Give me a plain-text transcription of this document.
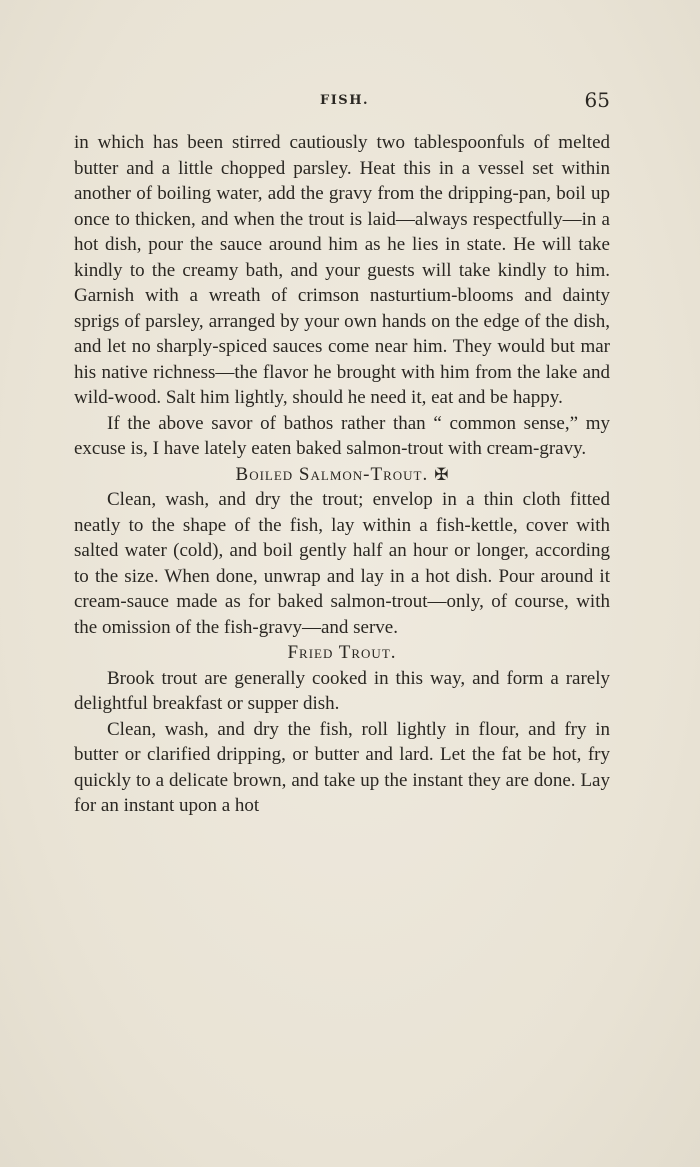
FISH.	65

in which has been stirred cautiously two tablespoonfuls of melted butter and a little chopped parsley. Heat this in a vessel set within another of boiling water, add the gravy from the dripping-pan, boil up once to thicken, and when the trout is laid—always respectfully—in a hot dish, pour the sauce around him as he lies in state. He will take kindly to the creamy bath, and your guests will take kindly to him. Garnish with a wreath of crimson nasturtium-blooms and dainty sprigs of parsley, arranged by your own hands on the edge of the dish, and let no sharply-spiced sauces come near him. They would but mar his native richness—the flavor he brought with him from the lake and wild-wood. Salt him lightly, should he need it, eat and be happy.

If the above savor of bathos rather than “ common sense,” my excuse is, I have lately eaten baked salmon-trout with cream-gravy.

Boiled Salmon-Trout. ✠

Clean, wash, and dry the trout; envelop in a thin cloth fitted neatly to the shape of the fish, lay within a fish-kettle, cover with salted water (cold), and boil gently half an hour or longer, according to the size. When done, unwrap and lay in a hot dish. Pour around it cream-sauce made as for baked salmon-trout—only, of course, with the omission of the fish-gravy—and serve.

Fried Trout.

Brook trout are generally cooked in this way, and form a rarely delightful breakfast or supper dish.

Clean, wash, and dry the fish, roll lightly in flour, and fry in butter or clarified dripping, or butter and lard. Let the fat be hot, fry quickly to a delicate brown, and take up the instant they are done. Lay for an instant upon a hot
